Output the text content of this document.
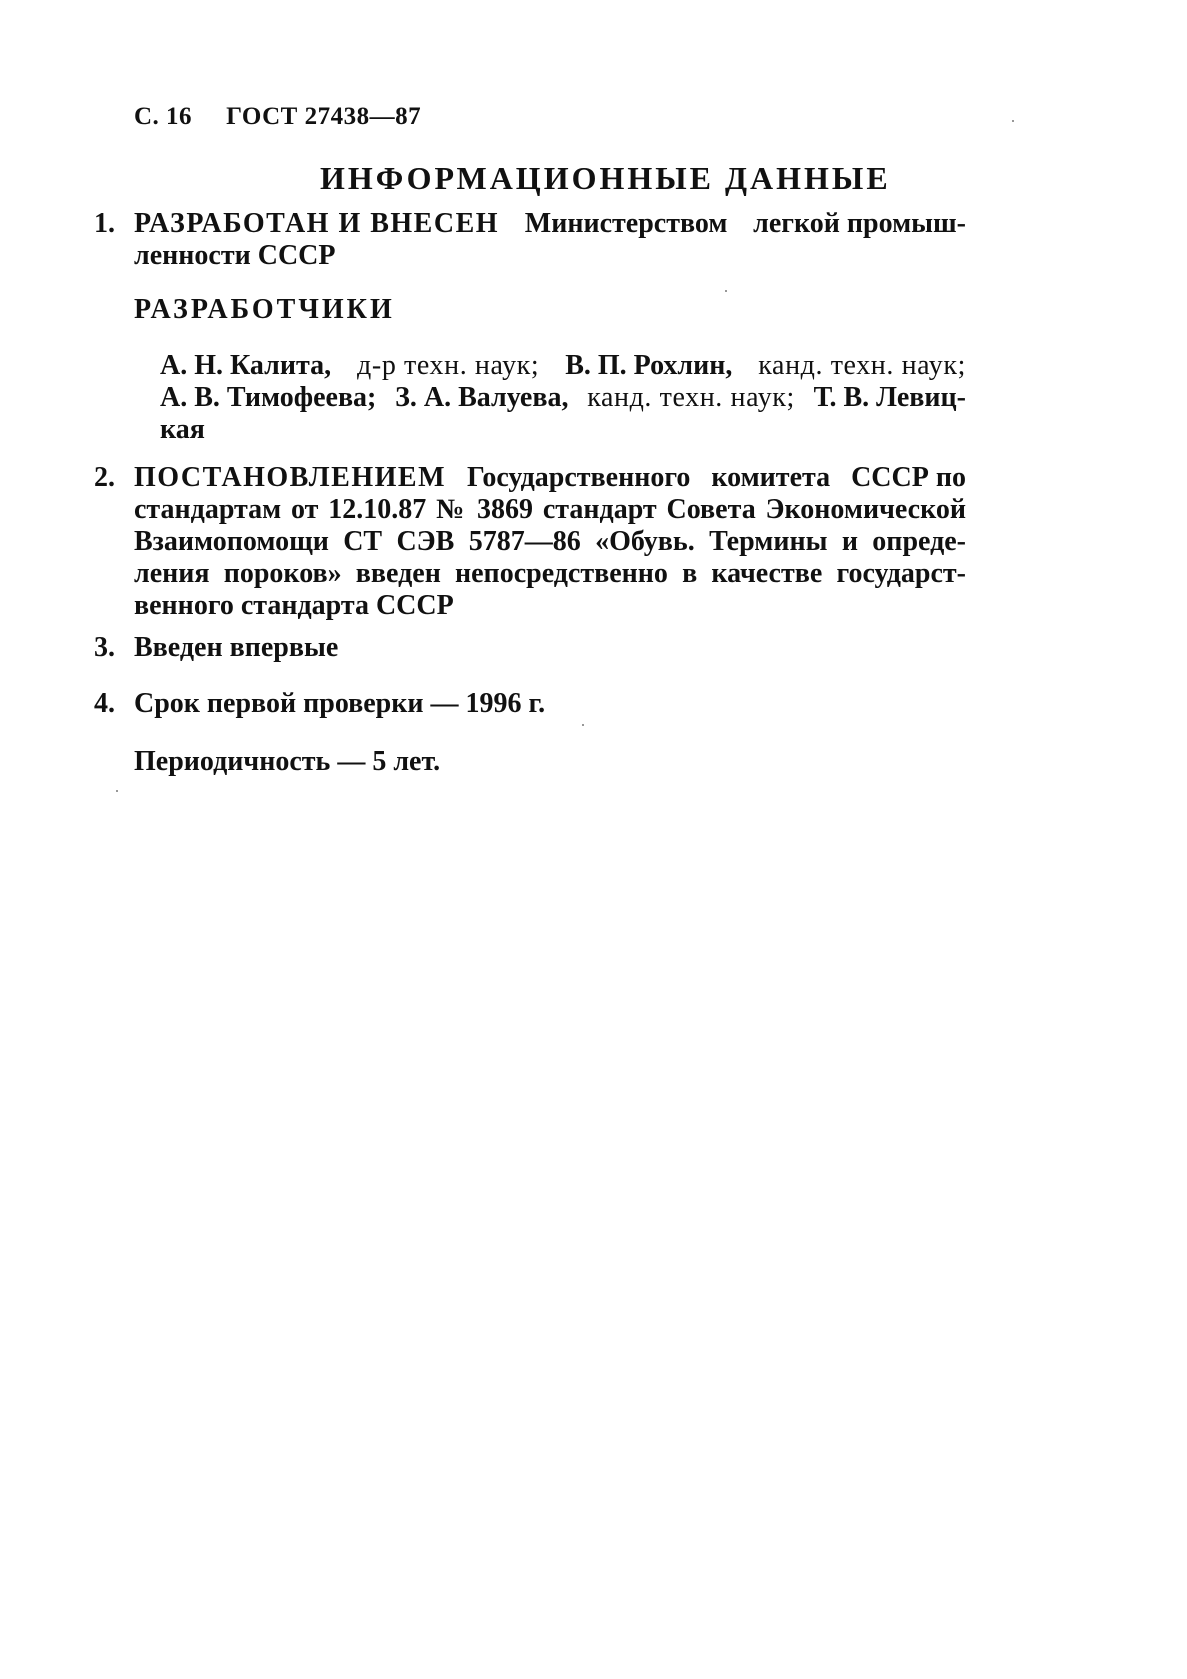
С. 16 ГОСТ 27438—87
ИНФОРМАЦИОННЫЕ ДАННЫЕ
1. РАЗРАБОТАН И ВНЕСЕН Министерством легкой промыш-
ленности СССР
РАЗРАБОТЧИКИ
А. Н. Калита, д-р техн. наук; В. П. Рохлин, канд. техн. наук;
А. В. Тимофеева; З. А. Валуева, канд. техн. наук; Т. В. Левиц-
кая
2. ПОСТАНОВЛЕНИЕМ Государственного комитета СССР по
стандартам от 12.10.87 № 3869 стандарт Совета Экономической
Взаимопомощи СТ СЭВ 5787—86 «Обувь. Термины и опреде-
ления пороков» введен непосредственно в качестве государст-
венного стандарта СССР
3. Введен впервые
4. Срок первой проверки — 1996 г.
Периодичность — 5 лет.
